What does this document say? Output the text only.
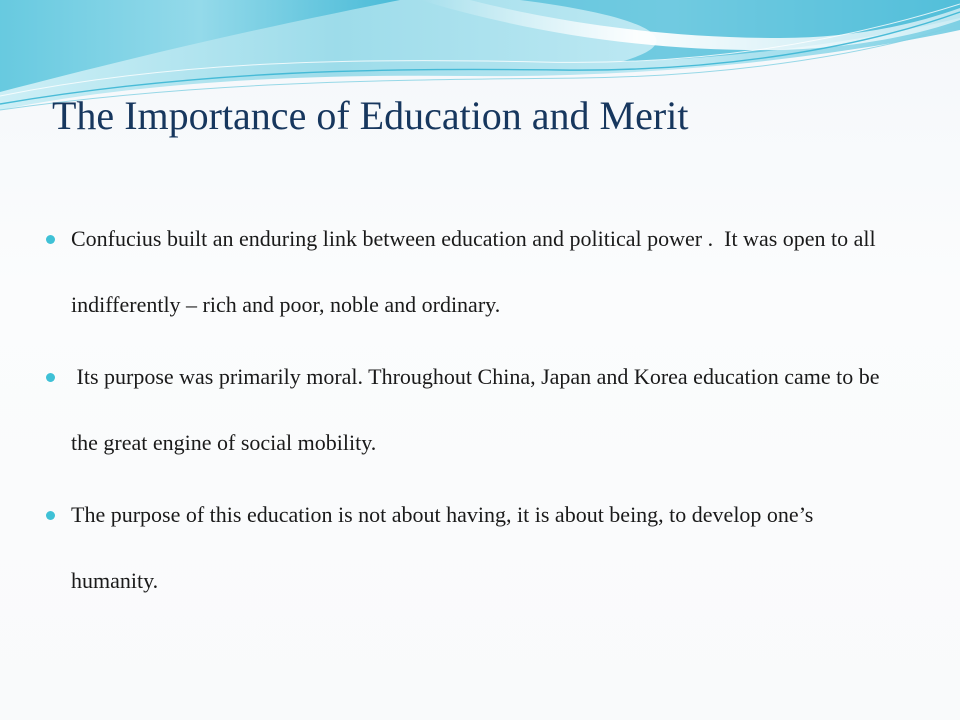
The Importance of Education and Merit
Confucius built an enduring link between education and political power .  It was open to all indifferently – rich and poor, noble and ordinary.
Its purpose was primarily moral. Throughout China, Japan and Korea education came to be the great engine of social mobility.
The purpose of this education is not about having, it is about being, to develop one’s humanity.
